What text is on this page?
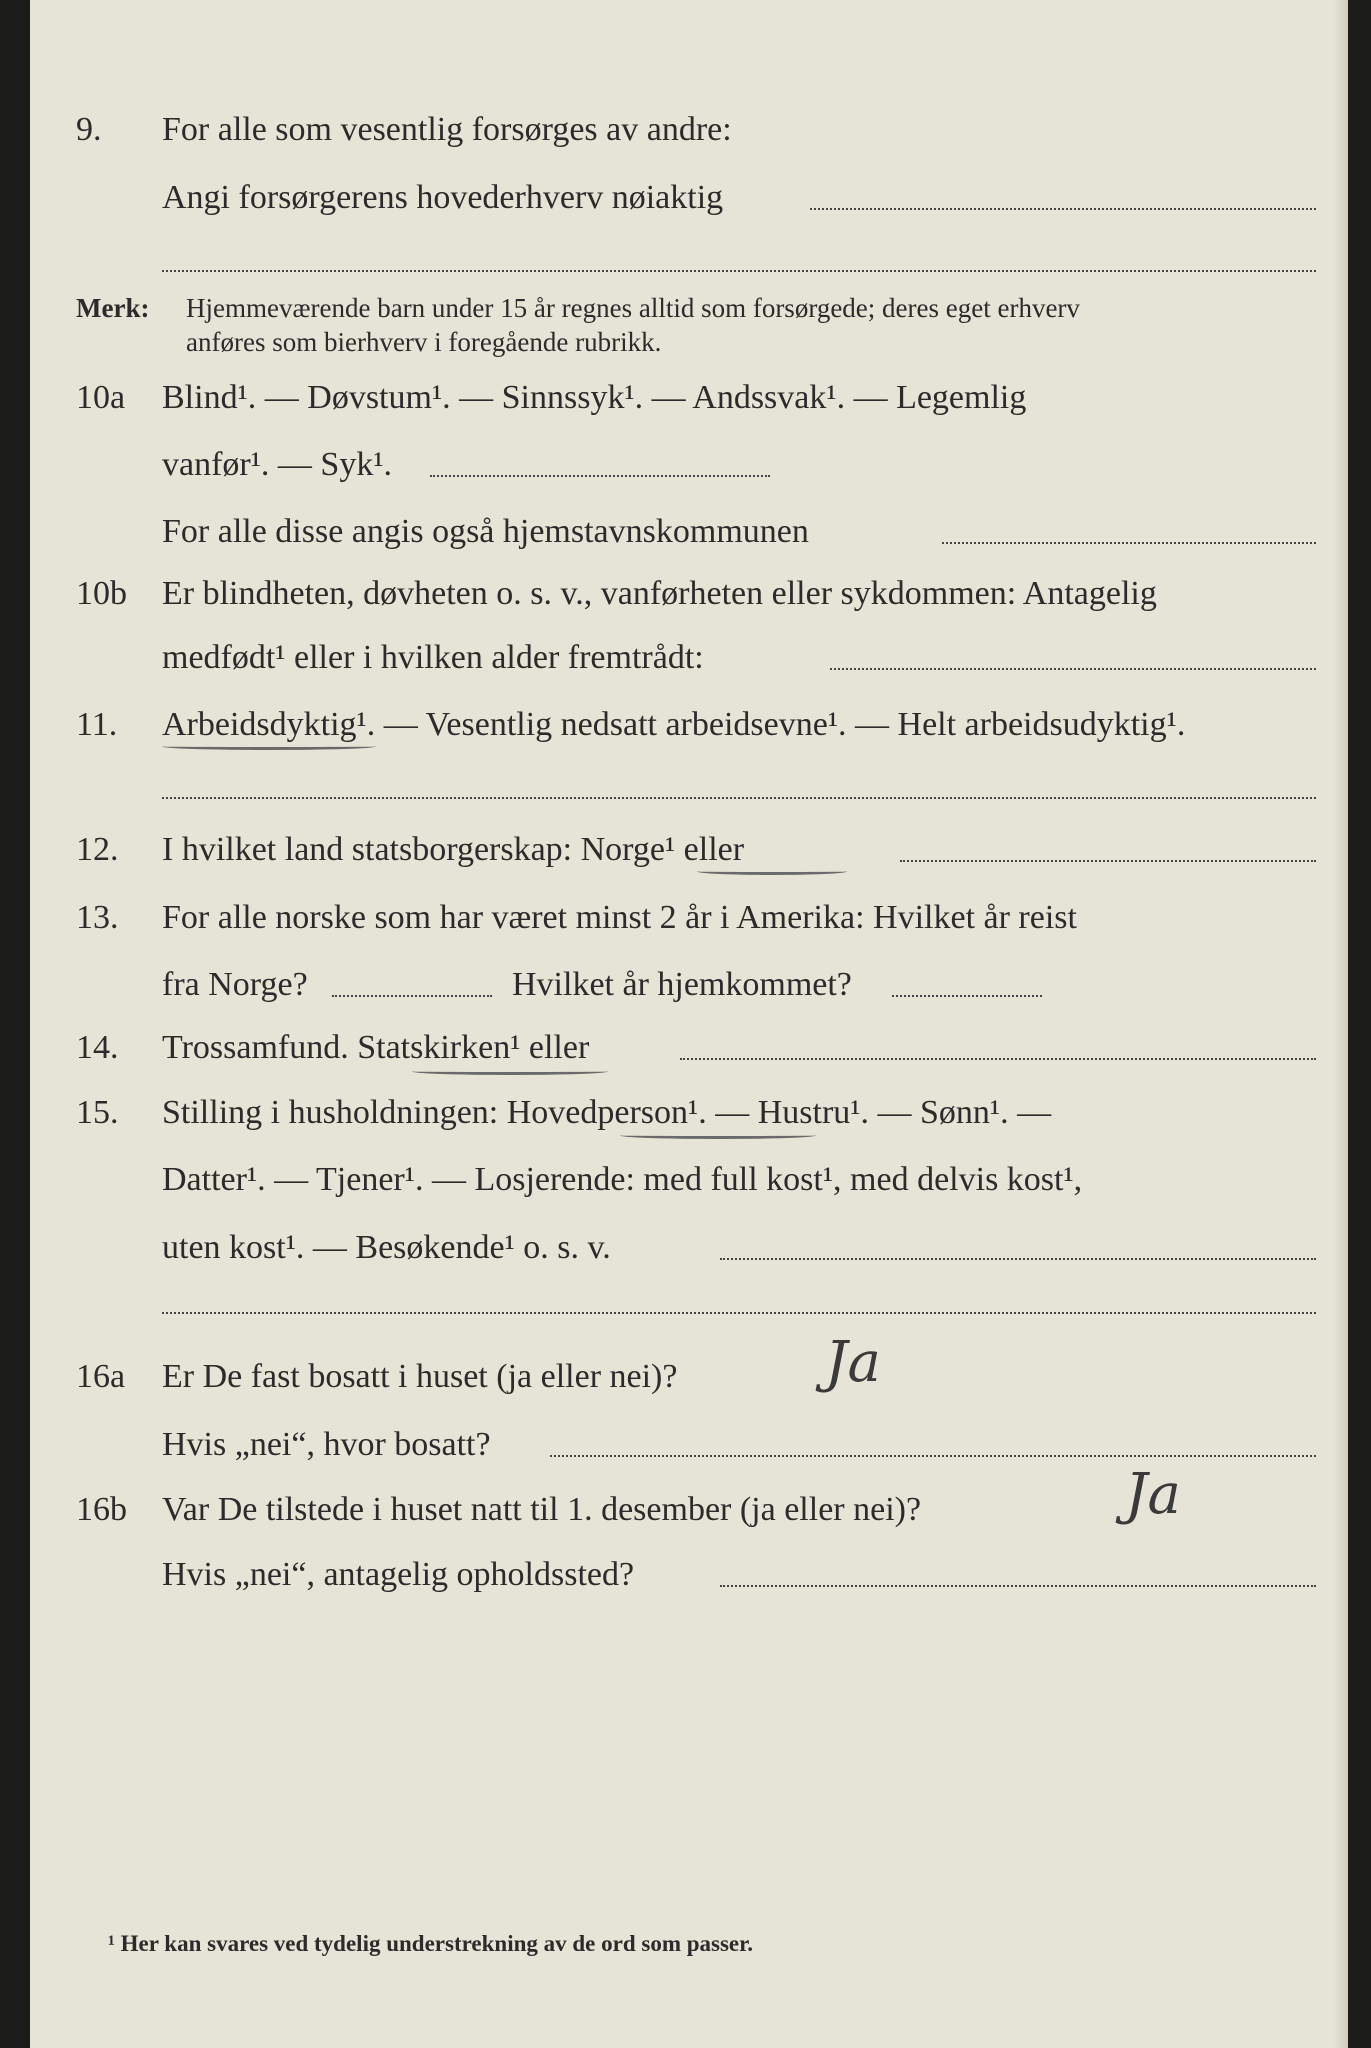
9. For alle som vesentlig forsørges av andre:
Angi forsørgerens hovederhverv nøiaktig
Merk: Hjemmeværende barn under 15 år regnes alltid som forsørgede; deres eget erhverv
anføres som bierhverv i foregående rubrikk.
10a Blind¹. — Døvstum¹. — Sinnssyk¹. — Andssvak¹. — Legemlig
vanfør¹. — Syk¹.
For alle disse angis også hjemstavnskommunen
10b Er blindheten, døvheten o. s. v., vanførheten eller sykdommen: Antagelig
medfødt¹ eller i hvilken alder fremtrådt:
11. Arbeidsdyktig¹. — Vesentlig nedsatt arbeidsevne¹. — Helt arbeidsudyktig¹.
12. I hvilket land statsborgerskap: Norge¹ eller
13. For alle norske som har været minst 2 år i Amerika: Hvilket år reist
fra Norge?	Hvilket år hjemkommet?
14. Trossamfund. Statskirken¹ eller
15. Stilling i husholdningen: Hovedperson¹. — Hustru¹. — Sønn¹. —
Datter¹. — Tjener¹. — Losjerende: med full kost¹, med delvis kost¹,
uten kost¹. — Besøkende¹ o. s. v.
16a Er De fast bosatt i huset (ja eller nei)?	Ja
Hvis „nei“, hvor bosatt?
16b Var De tilstede i huset natt til 1. desember (ja eller nei)?	Ja
Hvis „nei“, antagelig opholdssted?
¹ Her kan svares ved tydelig understrekning av de ord som passer.
